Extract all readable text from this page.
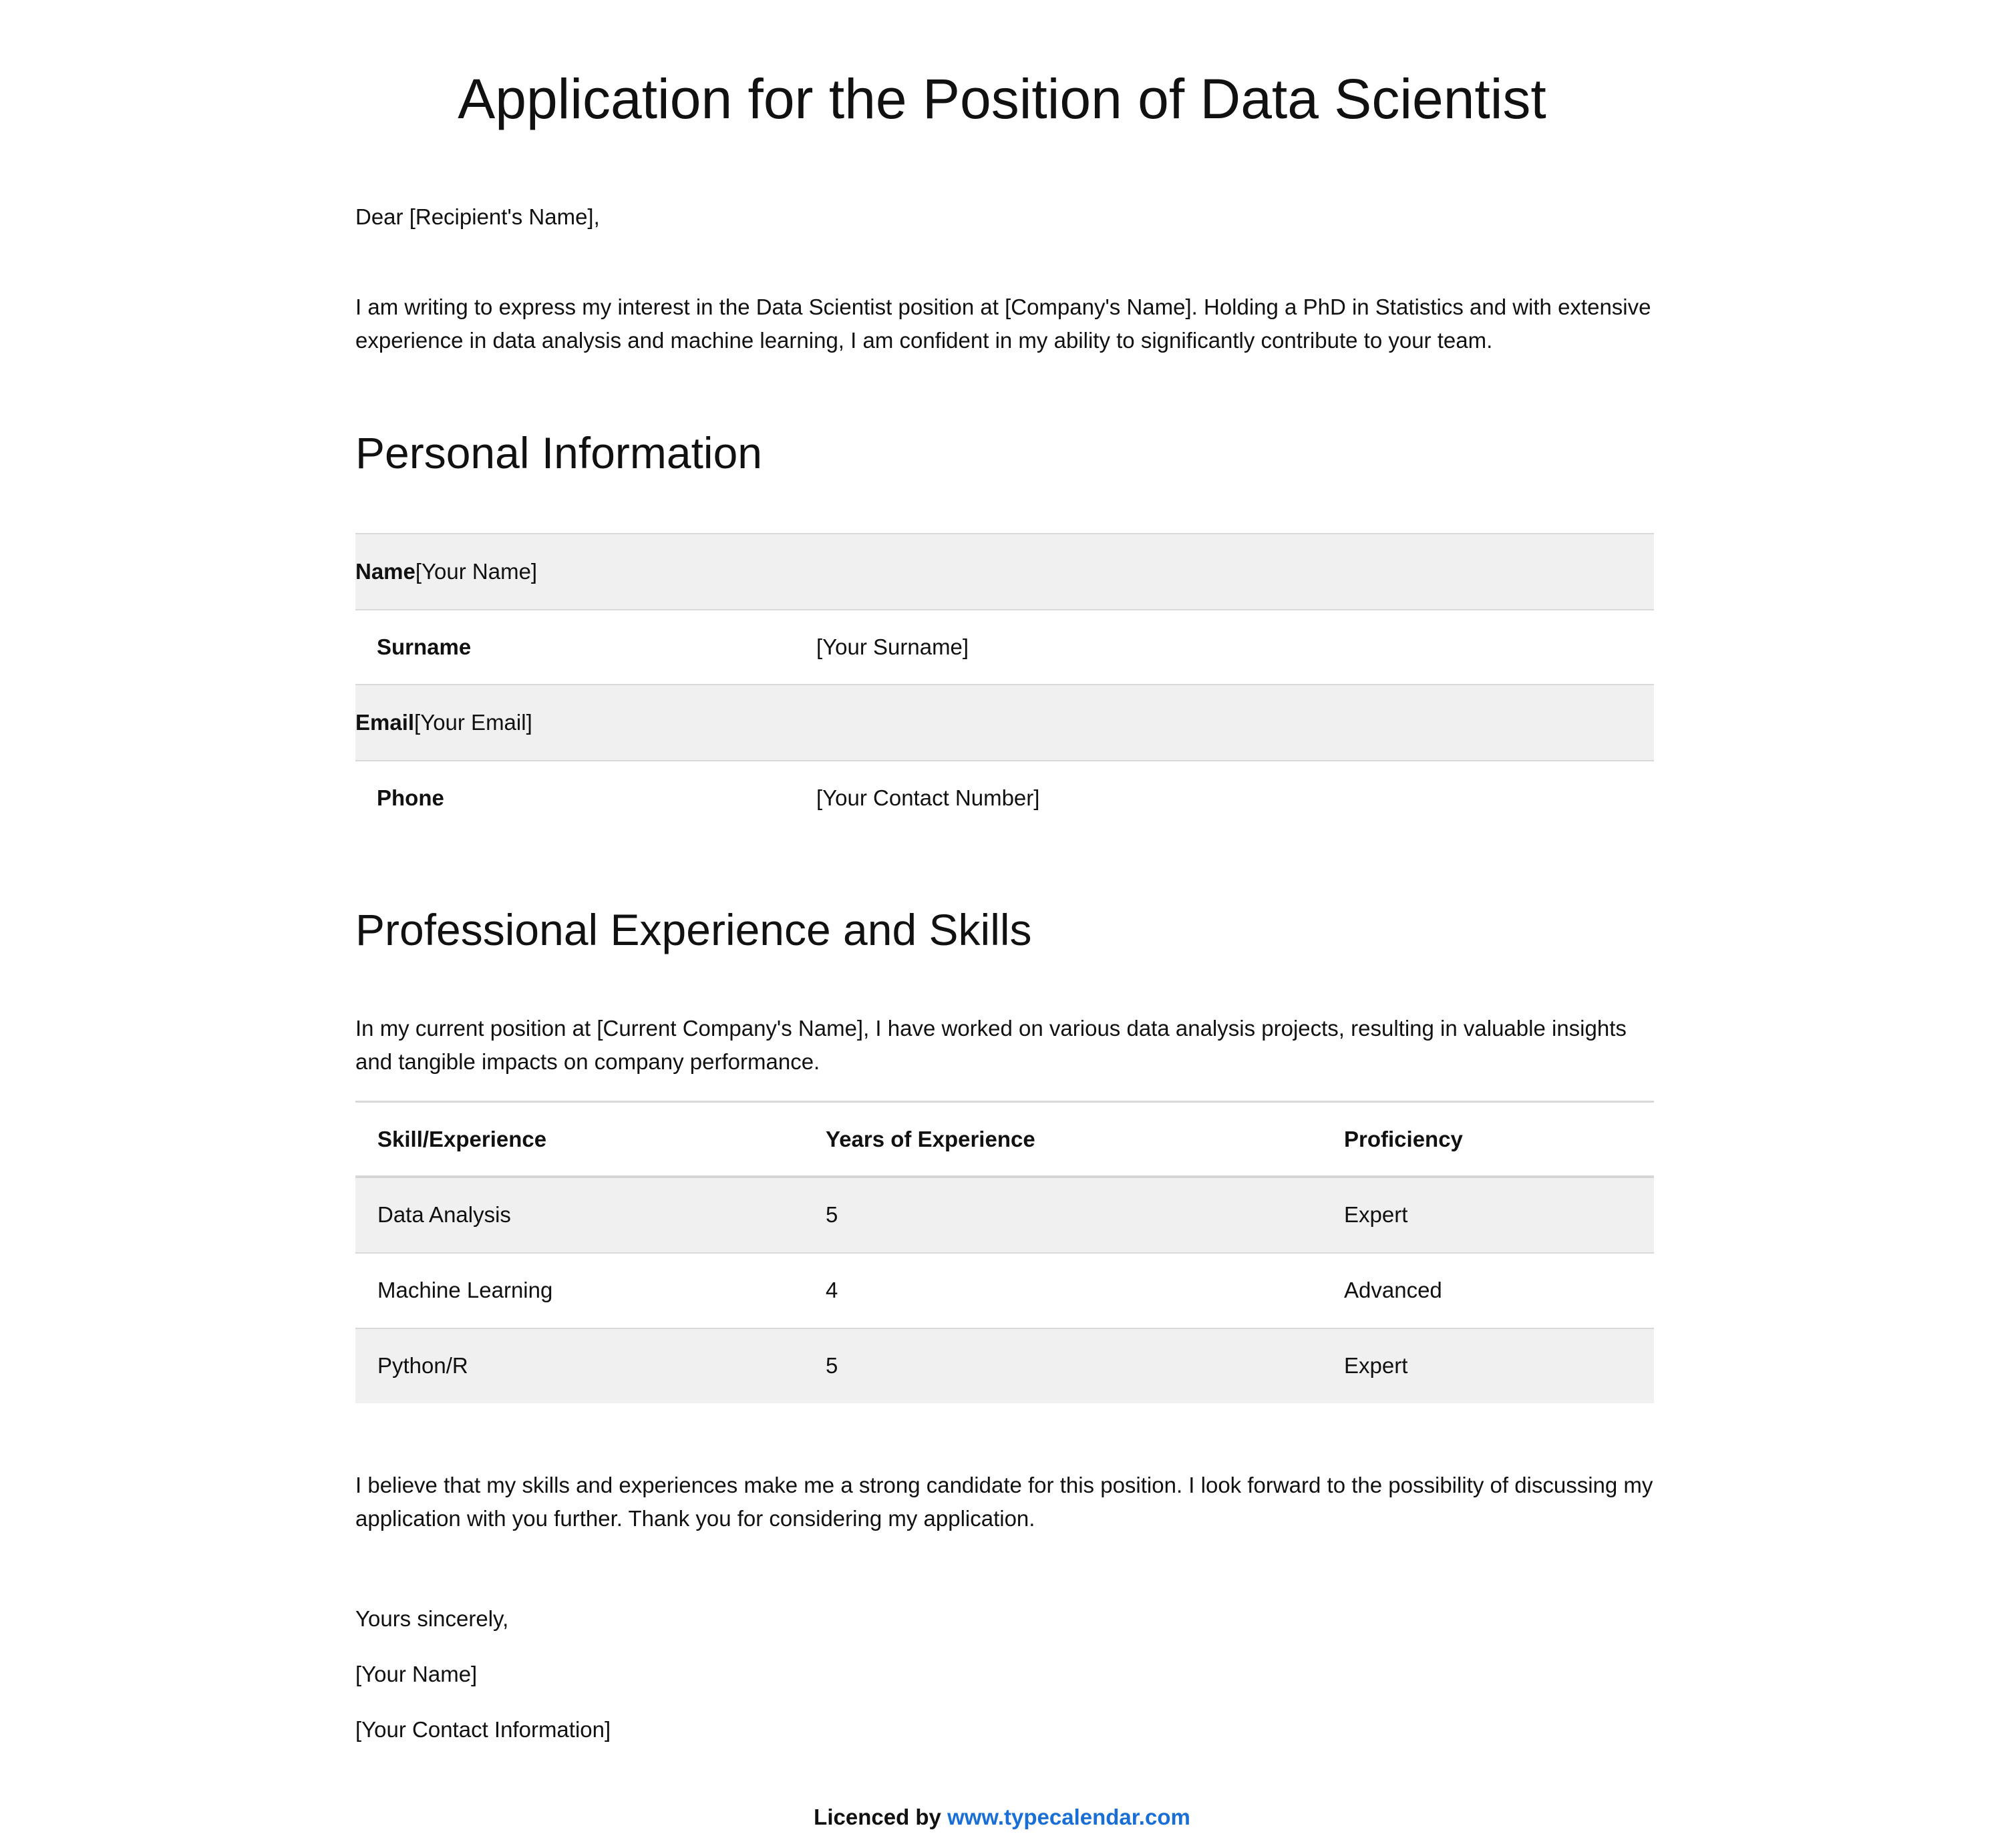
Application for the Position of Data Scientist

Dear [Recipient's Name],

I am writing to express my interest in the Data Scientist position at [Company's Name]. Holding a PhD in Statistics and with extensive experience in data analysis and machine learning, I am confident in my ability to significantly contribute to your team.

Personal Information
Name[Your Name]
Surname	[Your Surname]
Email[Your Email]
Phone	[Your Contact Number]
Professional Experience and Skills

In my current position at [Current Company's Name], I have worked on various data analysis projects, resulting in valuable insights and tangible impacts on company performance.

Skill/Experience	Years of Experience	Proficiency
Data Analysis	5	Expert
Machine Learning	4	Advanced
Python/R	5	Expert

I believe that my skills and experiences make me a strong candidate for this position. I look forward to the possibility of discussing my application with you further. Thank you for considering my application.

Yours sincerely,

[Your Name]

[Your Contact Information]

Licenced by www.typecalendar.com
